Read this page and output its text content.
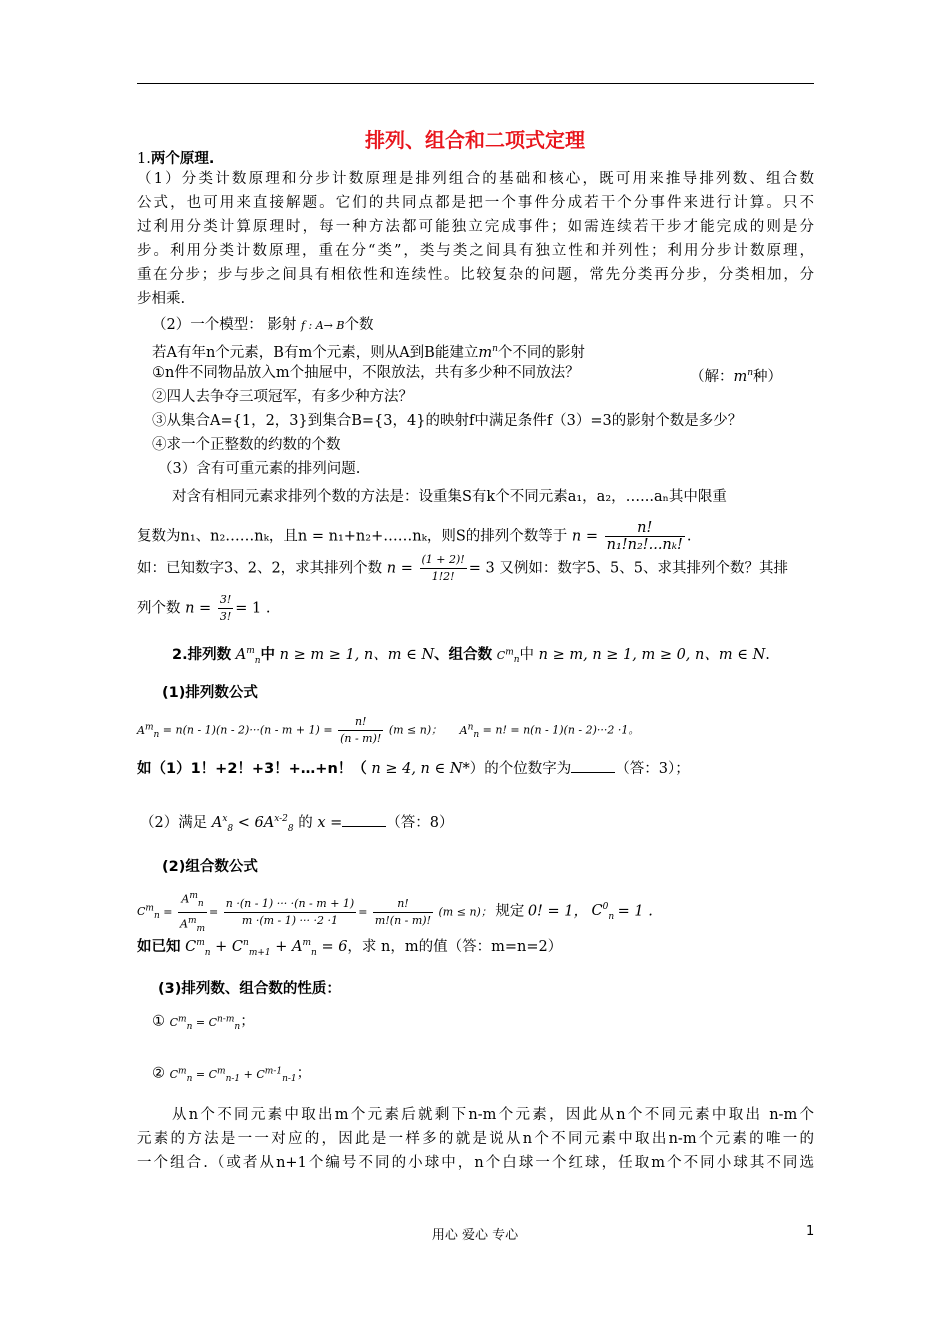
排列、组合和二项式定理
1.两个原理.
（1）分类计数原理和分步计数原理是排列组合的基础和核心，既可用来推导排列数、组合数
公式，也可用来直接解题。它们的共同点都是把一个事件分成若干个分事件来进行计算。只不
过利用分类计算原理时，每一种方法都可能独立完成事件；如需连续若干步才能完成的则是分
步。利用分类计数原理，重在分“类”，类与类之间具有独立性和并列性；利用分步计数原理，
重在分步；步与步之间具有相依性和连续性。比较复杂的问题，常先分类再分步，分类相加，分
步相乘.
（2）一个模型： 影射 f : A→ B个数
若A有年n个元素，B有m个元素，则从A到B能建立$m^n$个不同的影射
①n件不同物品放入m个抽屉中，不限放法，共有多少种不同放法？	（解：$m^n$种）
②四人去争夺三项冠军，有多少种方法？
③从集合A={1，2，3}到集合B={3，4}的映射f中满足条件f（3）=3的影射个数是多少？
④求一个正整数的约数的个数
（3）含有可重元素的排列问题.
对含有相同元素求排列个数的方法是：设重集S有k个不同元素a₁，a₂，…...aₙ其中限重
复数为n₁、n₂……nₖ，且n = n₁+n₂+……nₖ，则S的排列个数等于 $n = \frac{n!}{\text{n₁!n₂!...nₖ!}}$ .
如：已知数字3、2、2，求其排列个数 $n = \frac{(1 + 2)!}{1!2!} = 3$ 又例如：数字5、5、5、求其排列个数？其排
列个数 $n = \frac{3!}{3!} = 1$ .
2.排列数 $A^m_n$中 n ≥ m ≥ 1, n、m ∈ N、组合数 $C^m_n$中 n ≥ m, n ≥ 1, m ≥ 0, n、m ∈ N.
(1)排列数公式
$A^m_n = n(n - 1)(n - 2)\cdot\cdot\cdot(n - m + 1) = \frac{n!}{(n - m)!} (m \le n)$； $A^n_n = n$! = n(n - 1)(n - 2)···2 ·1。
如（1）1！+2！+3！+…+n！（ n ≥ 4, n ∈ N*）的个位数字为	（答：3）；
（2）满足 $A^x_8 < 6A^{x-2}_8$ 的 x =	（答：8）
(2)组合数公式
$C^m_n = \frac{A^m_n}{A^m_m} = \frac{n \cdot(n - 1) \cdot\cdot\cdot \cdot(n - m + 1)}{m \cdot(m - 1) \cdot\cdot\cdot \cdot 2 \cdot 1} = \frac{n!}{m!(n - m)!} (m \le n)$； 规定 0! = 1， $C^0_n = 1$ .
如已知 $C^m_n + C^n_{m+1} + A^m_n = 6$，求 n，m的值（答：m=n=2）
(3)排列数、组合数的性质：
① $C^m_n = C^{n-m}_n$；
② $C^m_n = C^m_{n-1} + C^{m-1}_{n-1}$；
从n个不同元素中取出m个元素后就剩下n-m个元素，因此从n个不同元素中取出 n-m个
元素的方法是一一对应的，因此是一样多的就是说从n个不同元素中取出n-m个元素的唯一的
一个组合.（或者从n+1个编号不同的小球中，n个白球一个红球，任取m个不同小球其不同选
用心 爱心 专心	1
